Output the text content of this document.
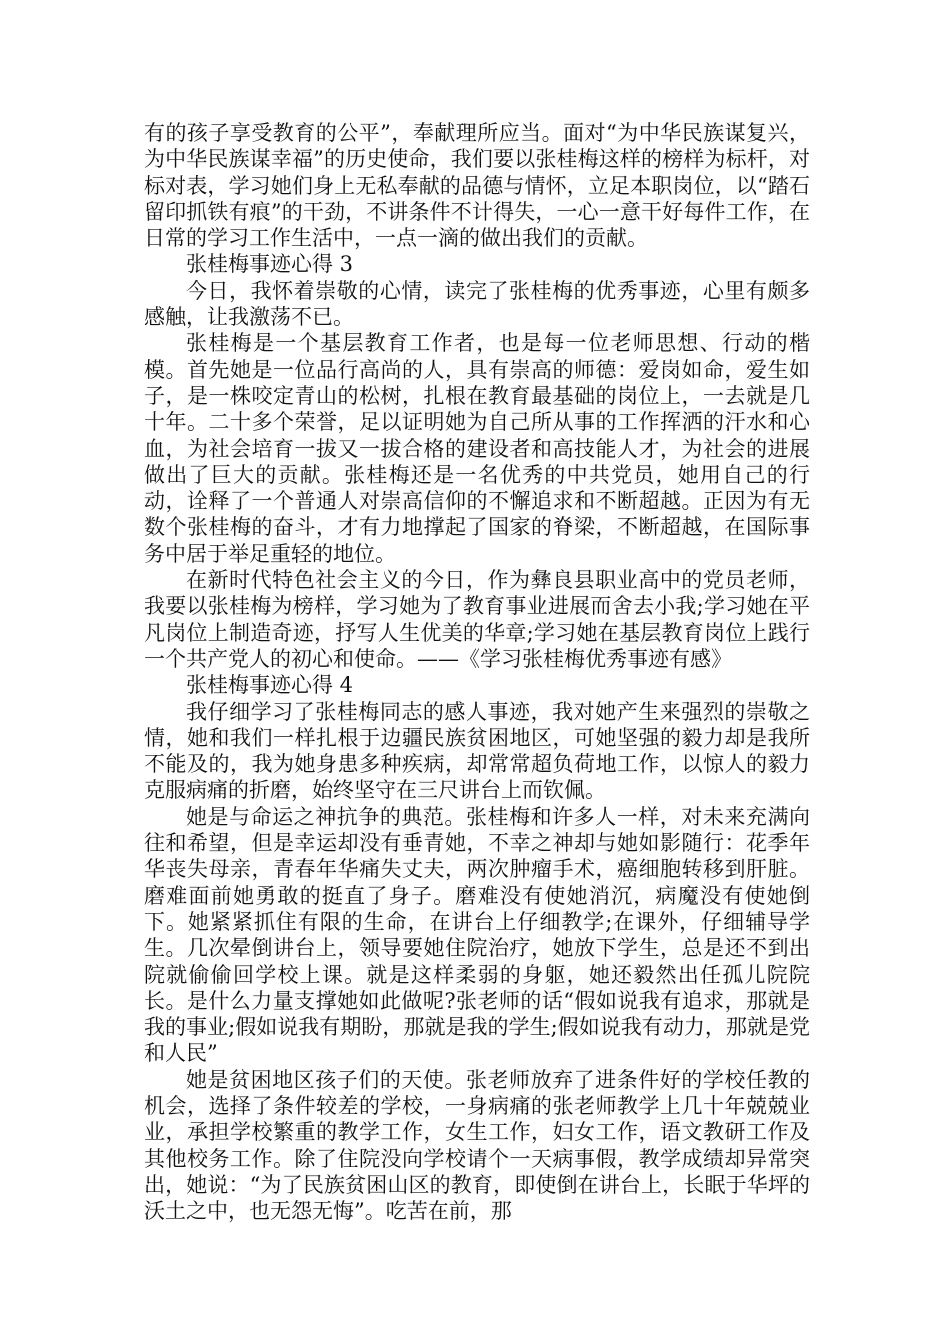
有的孩子享受教育的公平”，奉献理所应当。面对“为中华民族谋复兴，为中华民族谋幸福”的历史使命，我们要以张桂梅这样的榜样为标杆，对标对表，学习她们身上无私奉献的品德与情怀，立足本职岗位，以“踏石留印抓铁有痕”的干劲，不讲条件不计得失，一心一意干好每件工作，在日常的学习工作生活中，一点一滴的做出我们的贡献。

张桂梅事迹心得 3

今日，我怀着崇敬的心情，读完了张桂梅的优秀事迹，心里有颇多感触，让我激荡不已。

张桂梅是一个基层教育工作者，也是每一位老师思想、行动的楷模。首先她是一位品行高尚的人，具有崇高的师德：爱岗如命，爱生如子，是一株咬定青山的松树，扎根在教育最基础的岗位上，一去就是几十年。二十多个荣誉，足以证明她为自己所从事的工作挥洒的汗水和心血，为社会培育一拔又一拔合格的建设者和高技能人才，为社会的进展做出了巨大的贡献。张桂梅还是一名优秀的中共党员，她用自己的行动，诠释了一个普通人对崇高信仰的不懈追求和不断超越。正因为有无数个张桂梅的奋斗，才有力地撑起了国家的脊梁，不断超越，在国际事务中居于举足重轻的地位。

在新时代特色社会主义的今日，作为彝良县职业高中的党员老师，我要以张桂梅为榜样，学习她为了教育事业进展而舍去小我;学习她在平凡岗位上制造奇迹，抒写人生优美的华章;学习她在基层教育岗位上践行一个共产党人的初心和使命。——《学习张桂梅优秀事迹有感》

张桂梅事迹心得 4

我仔细学习了张桂梅同志的感人事迹，我对她产生来强烈的崇敬之情，她和我们一样扎根于边疆民族贫困地区，可她坚强的毅力却是我所不能及的，我为她身患多种疾病，却常常超负荷地工作，以惊人的毅力克服病痛的折磨，始终坚守在三尺讲台上而钦佩。

她是与命运之神抗争的典范。张桂梅和许多人一样，对未来充满向往和希望，但是幸运却没有垂青她，不幸之神却与她如影随行：花季年华丧失母亲，青春年华痛失丈夫，两次肿瘤手术，癌细胞转移到肝脏。磨难面前她勇敢的挺直了身子。磨难没有使她消沉，病魔没有使她倒下。她紧紧抓住有限的生命，在讲台上仔细教学;在课外，仔细辅导学生。几次晕倒讲台上，领导要她住院治疗，她放下学生，总是还不到出院就偷偷回学校上课。就是这样柔弱的身躯，她还毅然出任孤儿院院长。是什么力量支撑她如此做呢?张老师的话“假如说我有追求，那就是我的事业;假如说我有期盼，那就是我的学生;假如说我有动力，那就是党和人民”

她是贫困地区孩子们的天使。张老师放弃了进条件好的学校任教的机会，选择了条件较差的学校，一身病痛的张老师教学上几十年兢兢业业，承担学校繁重的教学工作，女生工作，妇女工作，语文教研工作及其他校务工作。除了住院没向学校请个一天病事假，教学成绩却异常突出，她说：“为了民族贫困山区的教育，即使倒在讲台上，长眠于华坪的沃土之中，也无怨无悔”。吃苦在前，那
